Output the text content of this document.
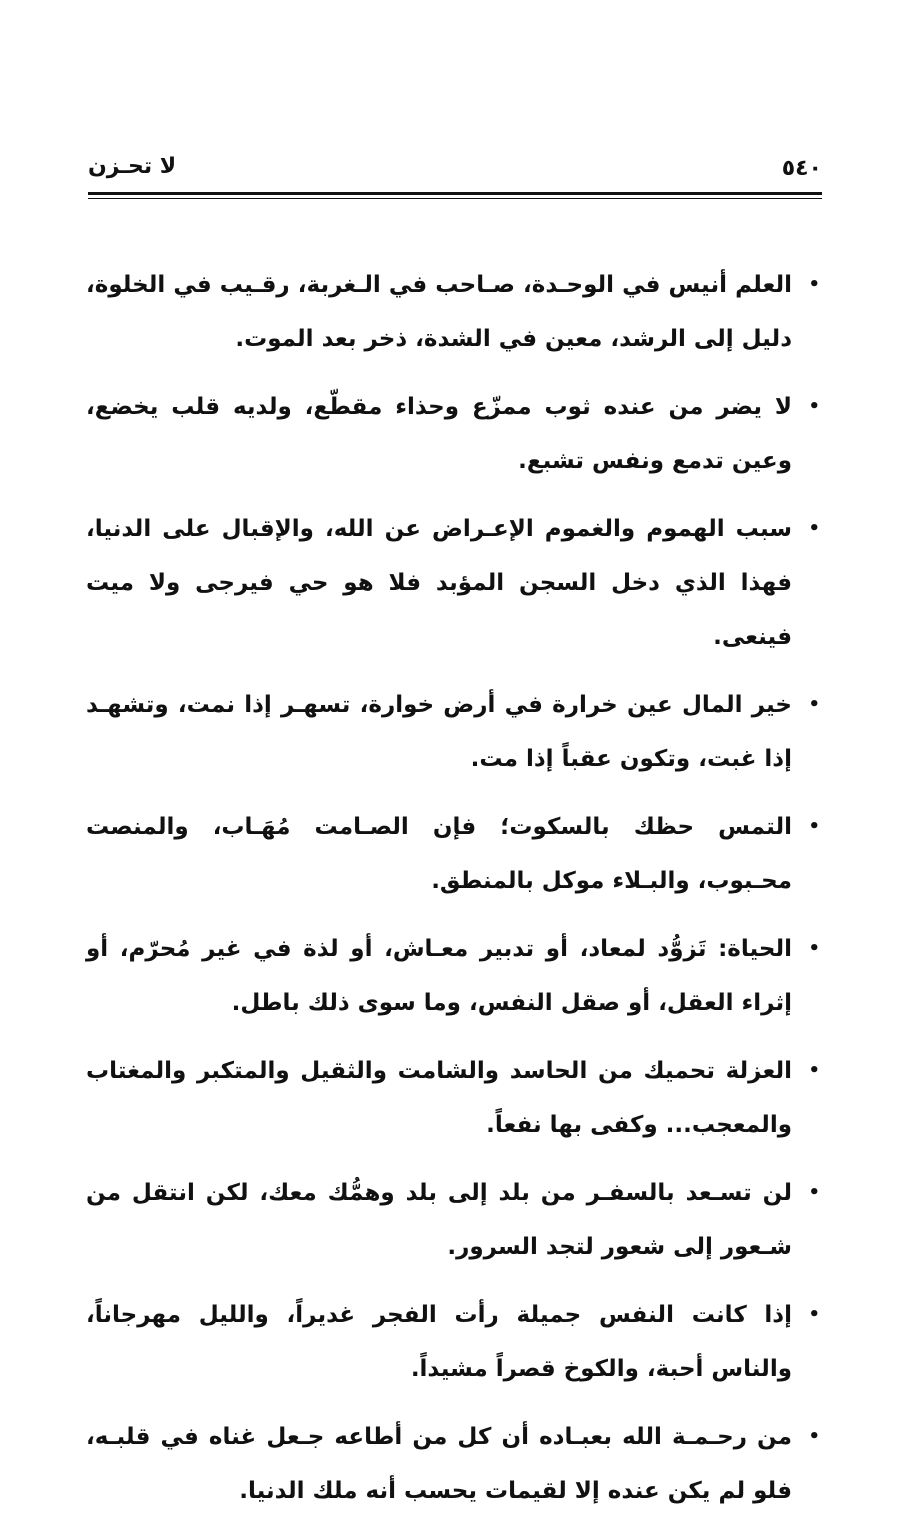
٥٤٠
لا تحـزن
•
العلم أنيس في الوحـدة، صـاحب في الـغربة، رقـيب في الخلوة، دليل إلى الرشد، معين في الشدة، ذخر بعد الموت.
•
لا يضر من عنده ثوب ممزّع وحذاء مقطّع، ولديه قلب يخضع، وعين تدمع ونفس تشبع.
•
سبب الهموم والغموم الإعـراض عن الله، والإقبال على الدنيا، فهذا الذي دخل السجن المؤبد فلا هو حي فيرجى ولا ميت فينعى.
•
خير المال عين خرارة في أرض خوارة، تسهـر إذا نمت، وتشهـد إذا غبت، وتكون عقباً إذا مت.
•
التمس حظك بالسكوت؛ فإن الصـامت مُهَـاب، والمنصت محـبوب، والبـلاء موكل بالمنطق.
•
الحياة: تَزوُّد لمعاد، أو تدبير معـاش، أو لذة في غير مُحرّم، أو إثراء العقل، أو صقل النفس، وما سوى ذلك باطل.
•
العزلة تحميك من الحاسد والشامت والثقيل والمتكبر والمغتاب والمعجب... وكفى بها نفعاً.
•
لن تسـعد بالسفـر من بلد إلى بلد وهمُّك معك، لكن انتقل من شـعور إلى شعور لتجد السرور.
•
إذا كانت النفس جميلة رأت الفجر غديراً، والليل مهرجاناً، والناس أحبة، والكوخ قصراً مشيداً.
•
من رحـمـة الله بعبـاده أن كل من أطاعه جـعل غناه في قلبـه، فلو لم يكن عنده إلا لقيمات يحسب أنه ملك الدنيا.
